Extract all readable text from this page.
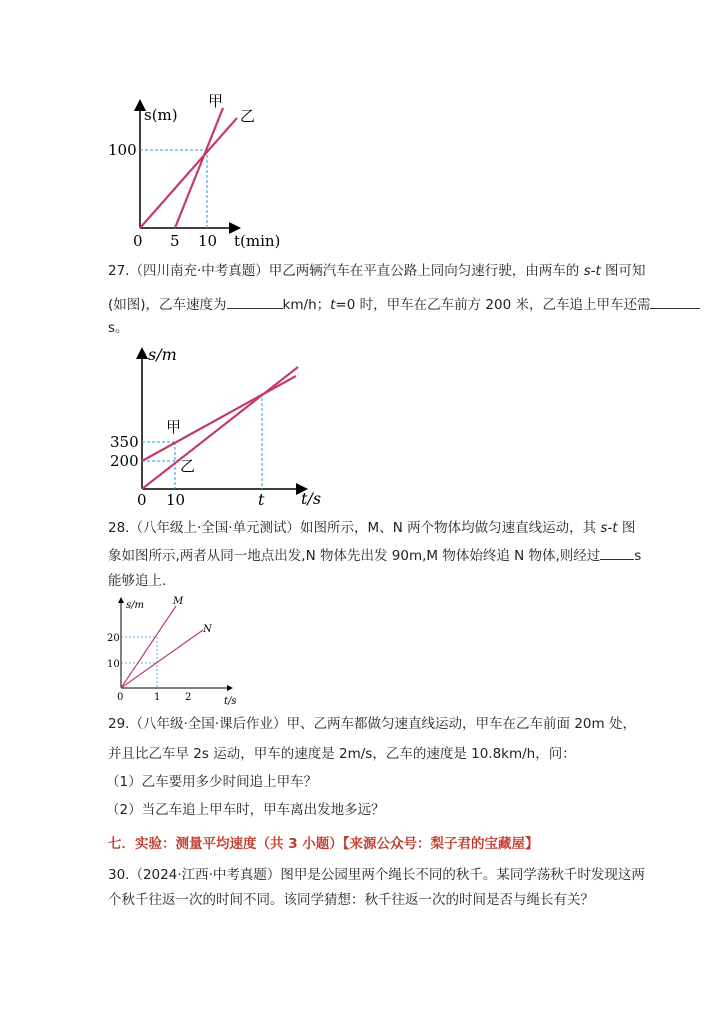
s(m)
t(min)
甲
乙
100
0 5 10
27.（四川南充·中考真题）甲乙两辆汽车在平直公路上同向匀速行驶，由两车的 s-t 图可知
(如图)，乙车速度为	km/h；t=0 时，甲车在乙车前方 200 米，乙车追上甲车还需
s。
s/m
t/s
甲
乙
350
200
0 10	t
28.（八年级上·全国·单元测试）如图所示，M、N 两个物体均做匀速直线运动，其 s-t 图
象如图所示,两者从同一地点出发,N 物体先出发 90m,M 物体始终追 N 物体,则经过	s
能够追上.
s/m
t/s
M
N
20
10
0	1 2
29.（八年级·全国·课后作业）甲、乙两车都做匀速直线运动，甲车在乙车前面 20m 处，
并且比乙车早 2s 运动，甲车的速度是 2m/s，乙车的速度是 10.8km/h，问：
（1）乙车要用多少时间追上甲车？
（2）当乙车追上甲车时，甲车离出发地多远？
七．实验：测量平均速度（共 3 小题）【来源公众号：梨子君的宝藏屋】
30.（2024·江西·中考真题）图甲是公园里两个绳长不同的秋千。某同学荡秋千时发现这两
个秋千往返一次的时间不同。该同学猜想：秋千往返一次的时间是否与绳长有关？
